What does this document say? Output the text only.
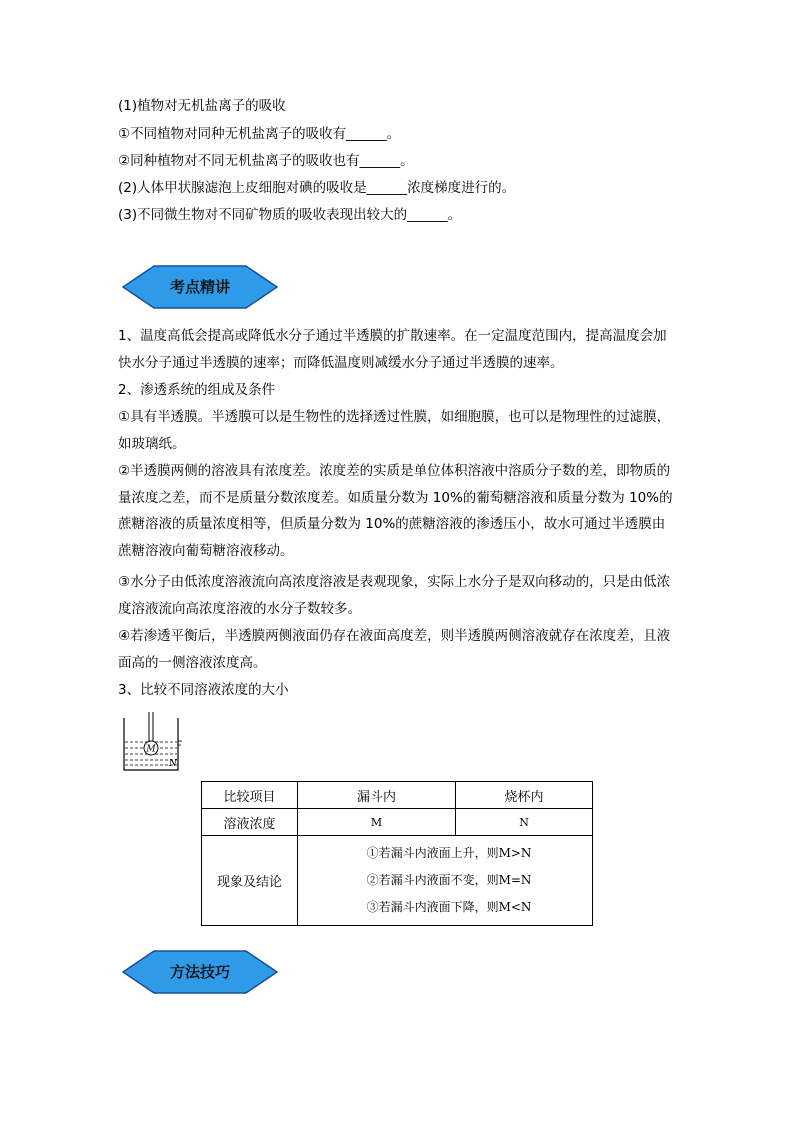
(1)植物对无机盐离子的吸收
①不同植物对同种无机盐离子的吸收有______。
②同种植物对不同无机盐离子的吸收也有______。
(2)人体甲状腺滤泡上皮细胞对碘的吸收是______浓度梯度进行的。
(3)不同微生物对不同矿物质的吸收表现出较大的______。
考点精讲
1、温度高低会提高或降低水分子通过半透膜的扩散速率。在一定温度范围内，提高温度会加快水分子通过半透膜的速率；而降低温度则减缓水分子通过半透膜的速率。
2、渗透系统的组成及条件
①具有半透膜。半透膜可以是生物性的选择透过性膜，如细胞膜，也可以是物理性的过滤膜，如玻璃纸。
②半透膜两侧的溶液具有浓度差。浓度差的实质是单位体积溶液中溶质分子数的差，即物质的量浓度之差，而不是质量分数浓度差。如质量分数为 10%的葡萄糖溶液和质量分数为 10%的蔗糖溶液的质量浓度相等，但质量分数为 10%的蔗糖溶液的渗透压小，故水可通过半透膜由蔗糖溶液向葡萄糖溶液移动。
③水分子由低浓度溶液流向高浓度溶液是表观现象，实际上水分子是双向移动的，只是由低浓度溶液流向高浓度溶液的水分子数较多。
④若渗透平衡后，半透膜两侧液面仍存在液面高度差，则半透膜两侧溶液就存在浓度差，且液面高的一侧溶液浓度高。
3、比较不同溶液浓度的大小
M
N
比较项目	漏斗内	烧杯内
溶液浓度	M	N
现象及结论	①若漏斗内液面上升，则M>N
②若漏斗内液面不变，则M=N
③若漏斗内液面下降，则M<N	
方法技巧
